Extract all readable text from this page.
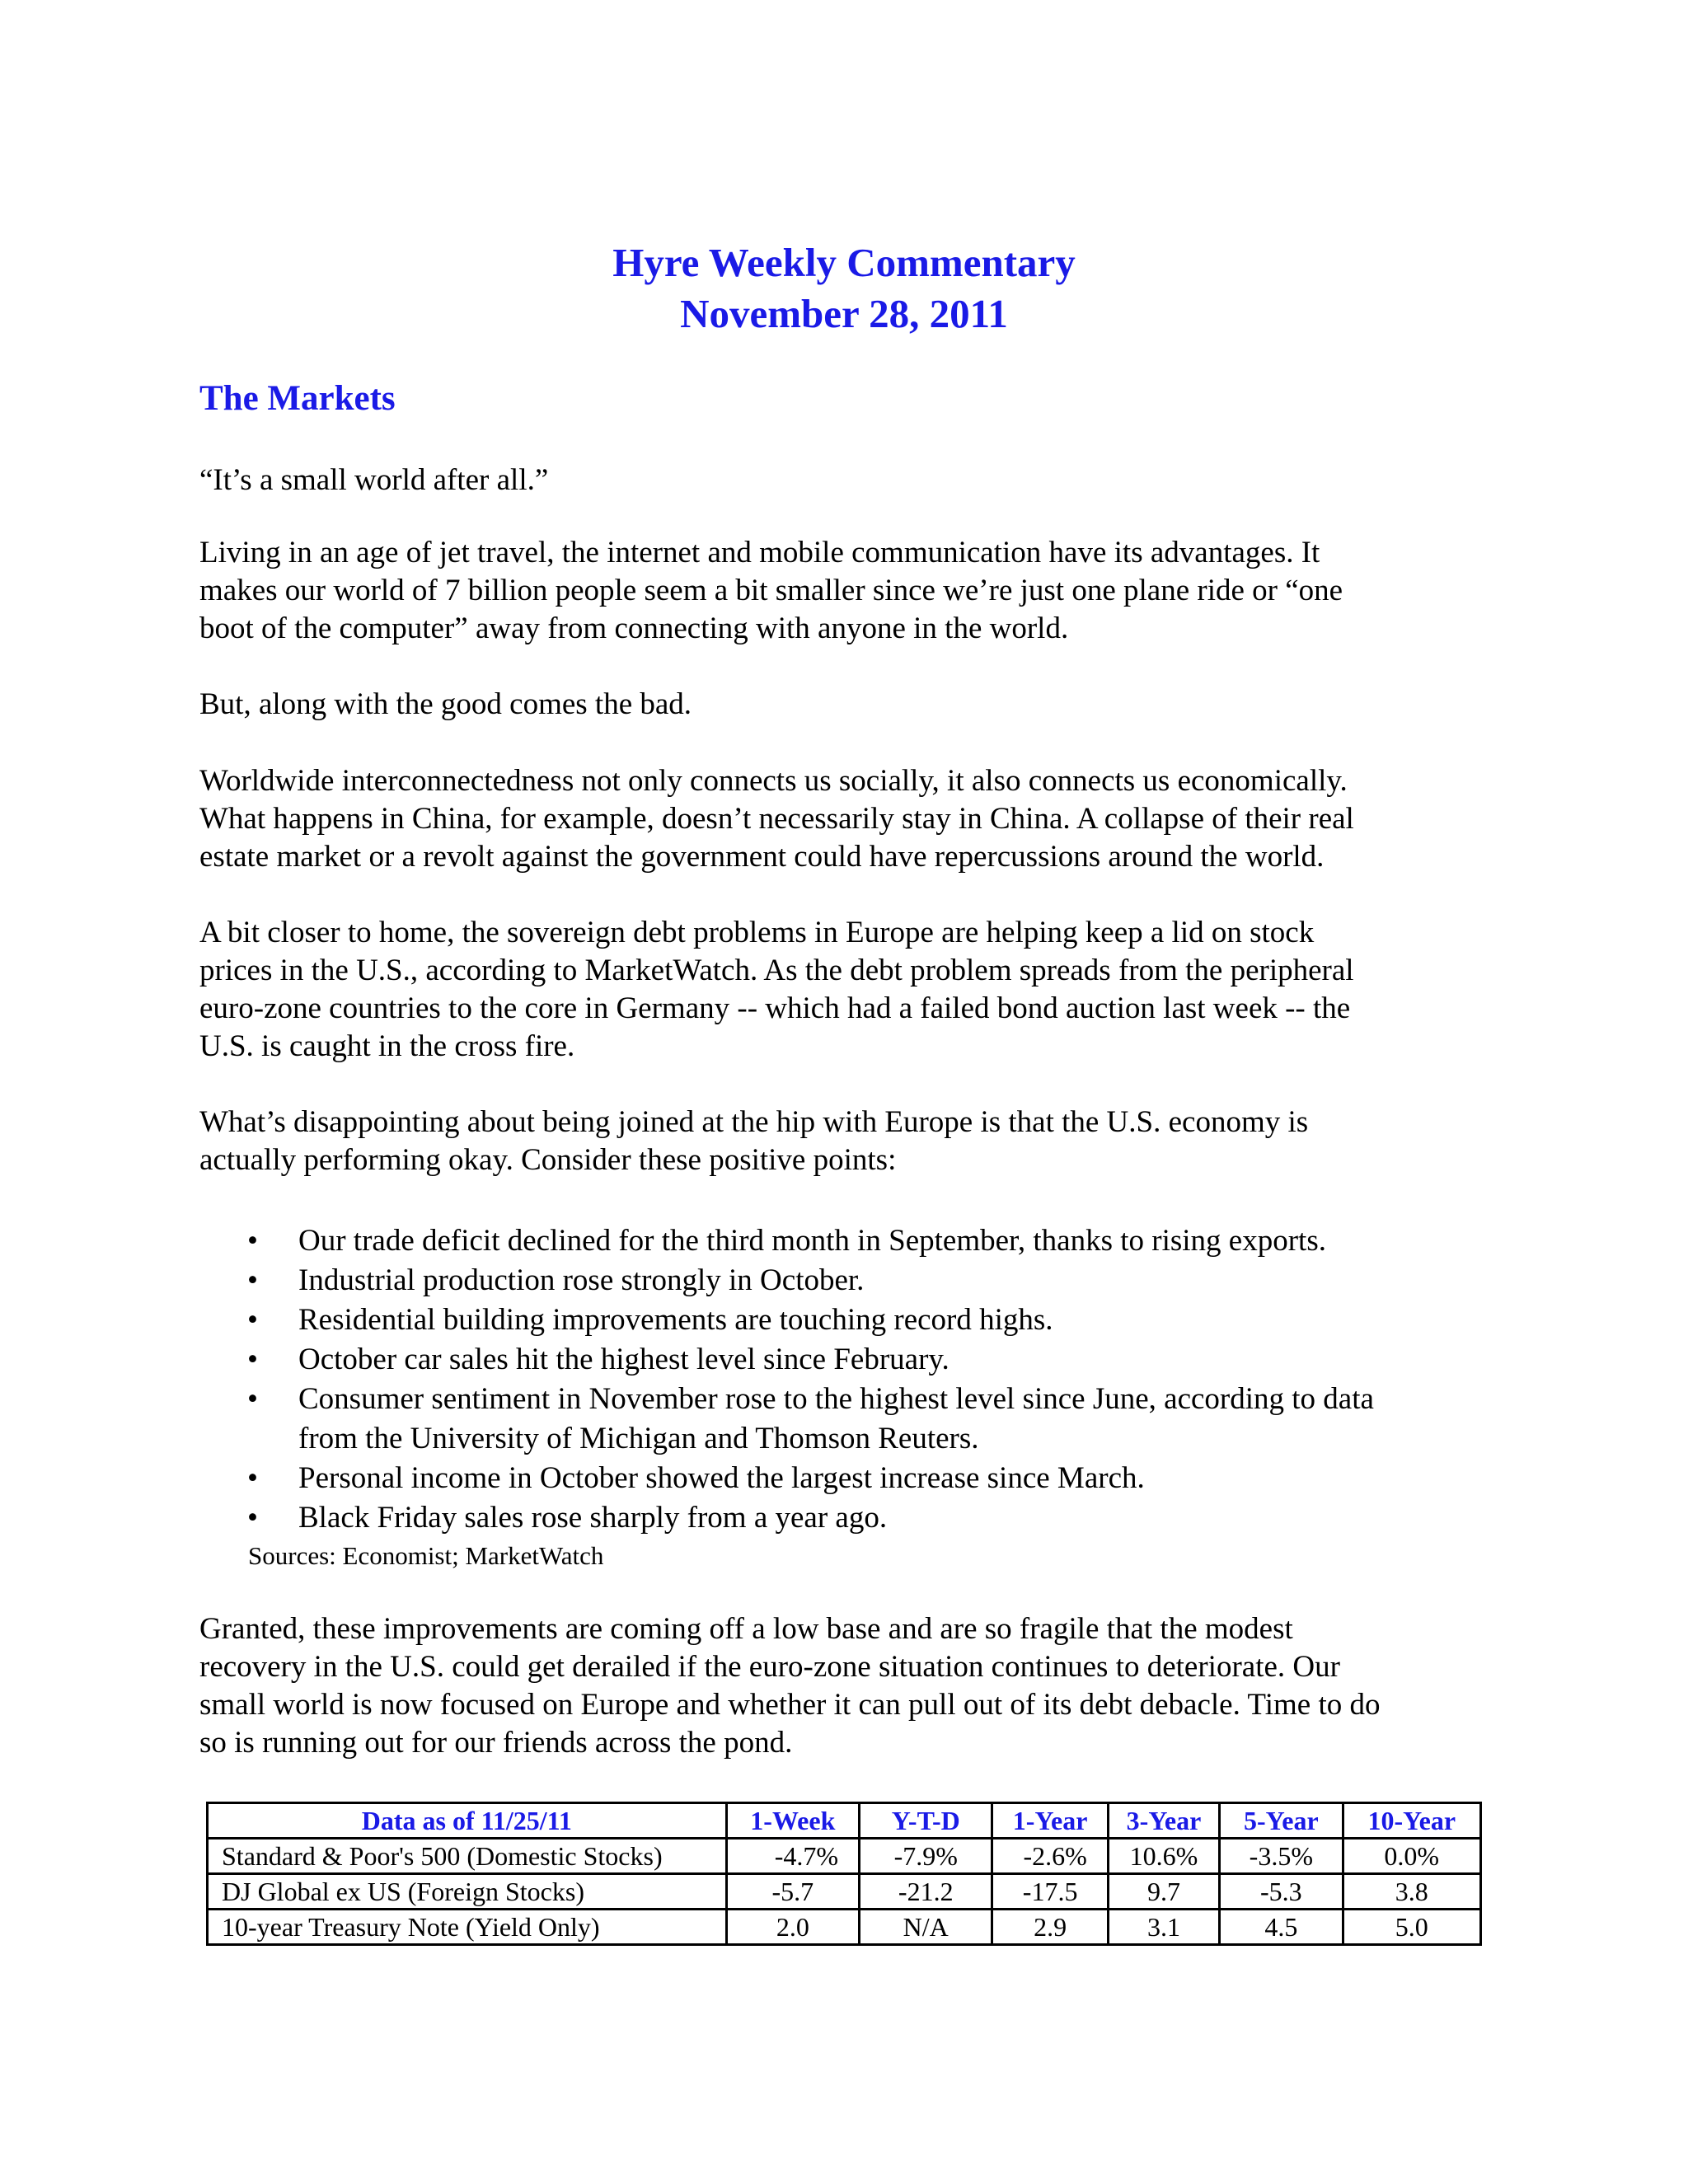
Hyre Weekly Commentary
November 28, 2011
The Markets

“It’s a small world after all.”

Living in an age of jet travel, the internet and mobile communication have its advantages. It
makes our world of 7 billion people seem a bit smaller since we’re just one plane ride or “one
boot of the computer” away from connecting with anyone in the world.

But, along with the good comes the bad.

Worldwide interconnectedness not only connects us socially, it also connects us economically.
What happens in China, for example, doesn’t necessarily stay in China. A collapse of their real
estate market or a revolt against the government could have repercussions around the world.

A bit closer to home, the sovereign debt problems in Europe are helping keep a lid on stock
prices in the U.S., according to MarketWatch. As the debt problem spreads from the peripheral
euro-zone countries to the core in Germany -- which had a failed bond auction last week -- the
U.S. is caught in the cross fire.

What’s disappointing about being joined at the hip with Europe is that the U.S. economy is
actually performing okay. Consider these positive points:

• Our trade deficit declined for the third month in September, thanks to rising exports.
• Industrial production rose strongly in October.
• Residential building improvements are touching record highs.
• October car sales hit the highest level since February.
• Consumer sentiment in November rose to the highest level since June, according to data
from the University of Michigan and Thomson Reuters.
• Personal income in October showed the largest increase since March.
• Black Friday sales rose sharply from a year ago.
Sources: Economist; MarketWatch

Granted, these improvements are coming off a low base and are so fragile that the modest
recovery in the U.S. could get derailed if the euro-zone situation continues to deteriorate. Our
small world is now focused on Europe and whether it can pull out of its debt debacle. Time to do
so is running out for our friends across the pond.

Data as of 11/25/11	1-Week	Y-T-D	1-Year	3-Year	5-Year	10-Year
Standard & Poor's 500 (Domestic Stocks)	-4.7%	-7.9%	-2.6%	10.6%	-3.5%	0.0%
DJ Global ex US (Foreign Stocks)	-5.7	-21.2	-17.5	9.7	-5.3	3.8
10-year Treasury Note (Yield Only)	2.0	N/A	2.9	3.1	4.5	5.0
